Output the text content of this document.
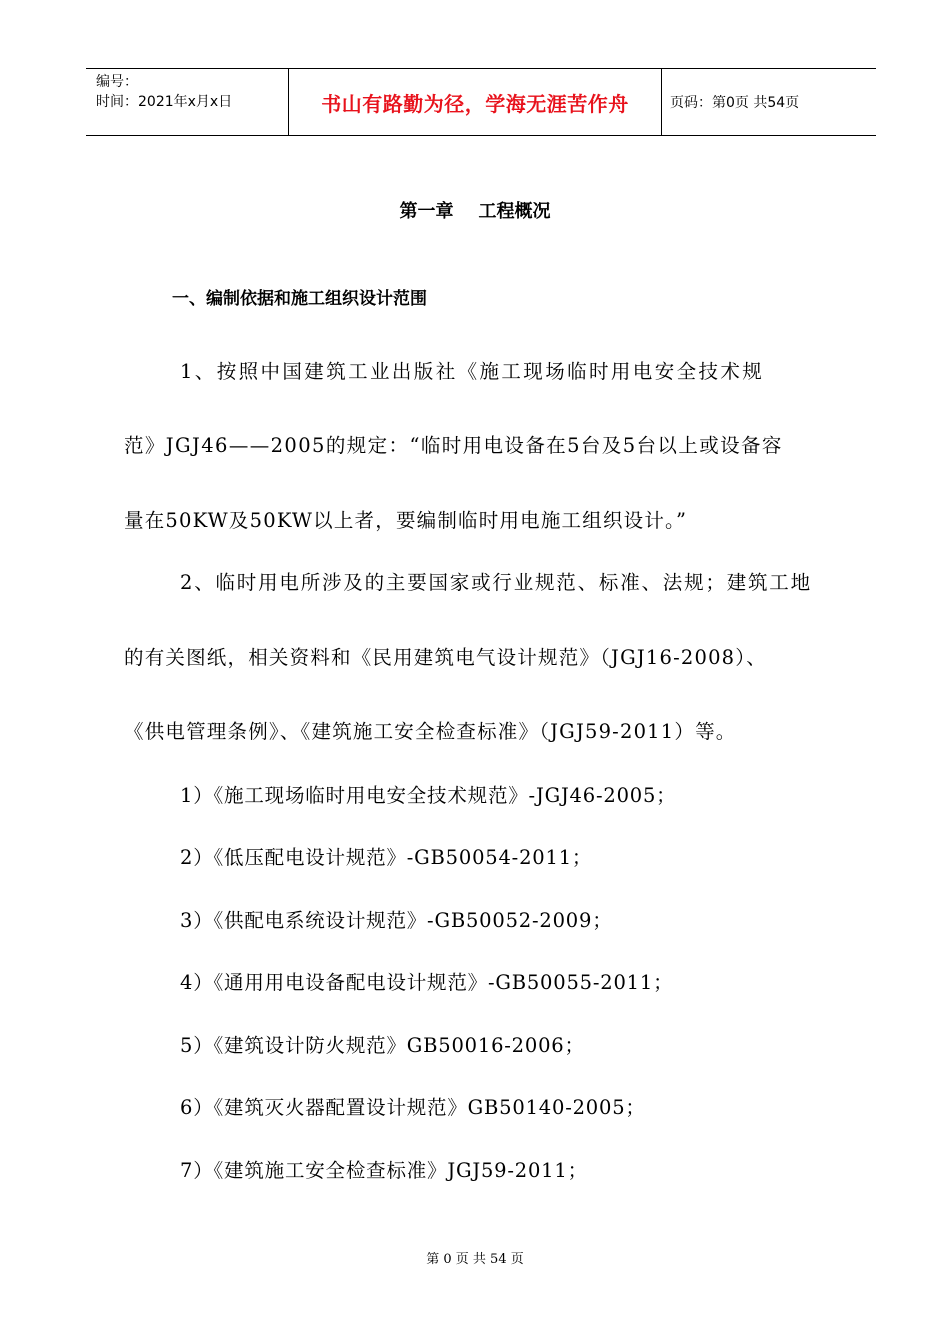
编号：
时间：2021年x月x日	书山有路勤为径，学海无涯苦作舟	页码：第0页 共54页
第一章    工程概况
一、编制依据和施工组织设计范围
1、按照中国建筑工业出版社《施工现场临时用电安全技术规
范》JGJ46——2005的规定：“临时用电设备在5台及5台以上或设备容
量在50KW及50KW以上者，要编制临时用电施工组织设计。”
2、临时用电所涉及的主要国家或行业规范、标准、法规；建筑工地
的有关图纸，相关资料和《民用建筑电气设计规范》（JGJ16-2008）、
《供电管理条例》、《建筑施工安全检查标准》（JGJ59-2011）等。
1）《施工现场临时用电安全技术规范》-JGJ46-2005；
2）《低压配电设计规范》-GB50054-2011；
3）《供配电系统设计规范》-GB50052-2009；
4）《通用用电设备配电设计规范》-GB50055-2011；
5）《建筑设计防火规范》GB50016-2006；
6）《建筑灭火器配置设计规范》GB50140-2005；
7）《建筑施工安全检查标准》JGJ59-2011；
第 0 页 共 54 页
